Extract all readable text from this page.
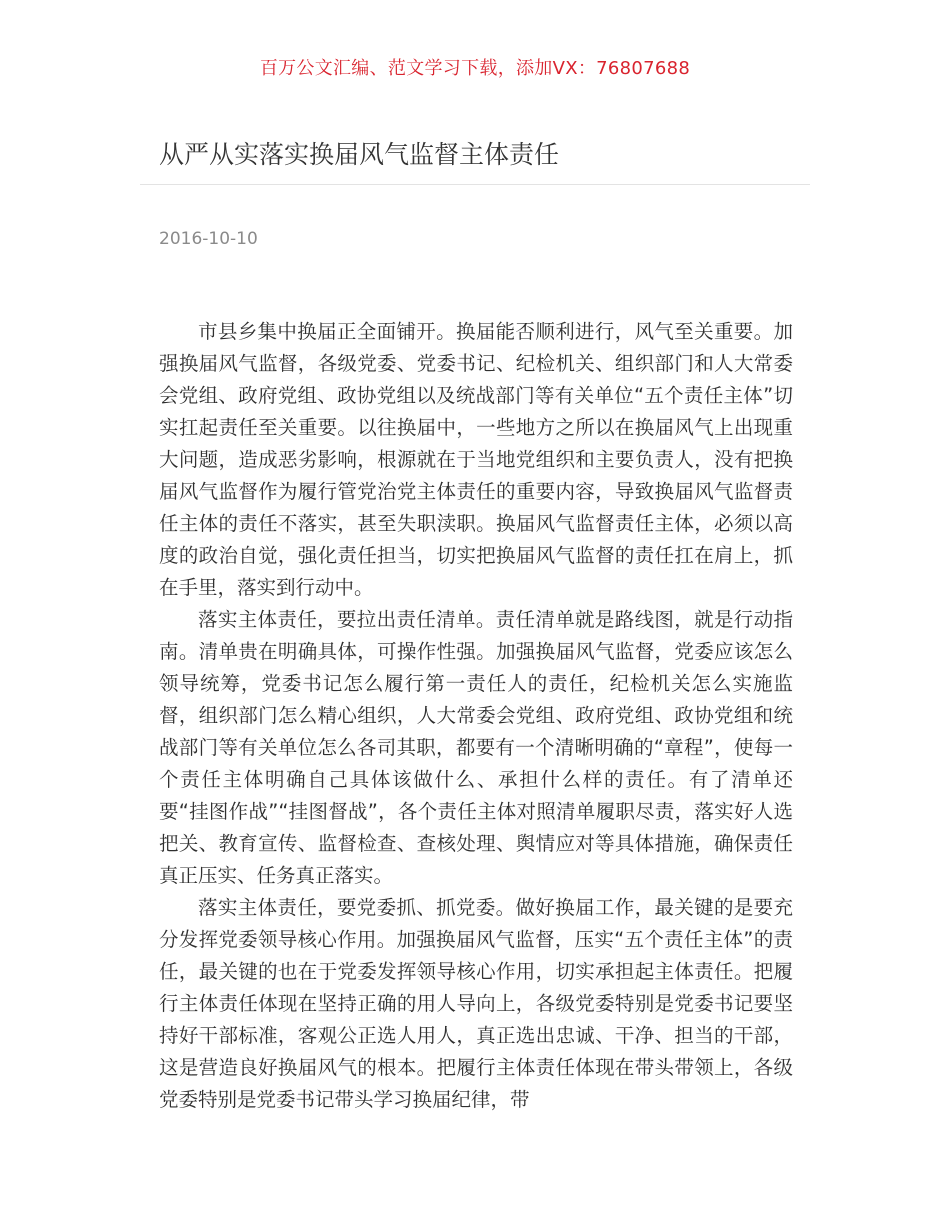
百万公文汇编、范文学习下载，添加VX：76807688
从严从实落实换届风气监督主体责任
2016-10-10

市县乡集中换届正全面铺开。换届能否顺利进行，风气至关重要。加强换届风气监督，各级党委、党委书记、纪检机关、组织部门和人大常委会党组、政府党组、政协党组以及统战部门等有关单位“五个责任主体”切实扛起责任至关重要。以往换届中，一些地方之所以在换届风气上出现重大问题，造成恶劣影响，根源就在于当地党组织和主要负责人，没有把换届风气监督作为履行管党治党主体责任的重要内容，导致换届风气监督责任主体的责任不落实，甚至失职渎职。换届风气监督责任主体，必须以高度的政治自觉，强化责任担当，切实把换届风气监督的责任扛在肩上，抓在手里，落实到行动中。

落实主体责任，要拉出责任清单。责任清单就是路线图，就是行动指南。清单贵在明确具体，可操作性强。加强换届风气监督，党委应该怎么领导统筹，党委书记怎么履行第一责任人的责任，纪检机关怎么实施监督，组织部门怎么精心组织，人大常委会党组、政府党组、政协党组和统战部门等有关单位怎么各司其职，都要有一个清晰明确的“章程”，使每一个责任主体明确自己具体该做什么、承担什么样的责任。有了清单还要“挂图作战”“挂图督战”，各个责任主体对照清单履职尽责，落实好人选把关、教育宣传、监督检查、查核处理、舆情应对等具体措施，确保责任真正压实、任务真正落实。

落实主体责任，要党委抓、抓党委。做好换届工作，最关键的是要充分发挥党委领导核心作用。加强换届风气监督，压实“五个责任主体”的责任，最关键的也在于党委发挥领导核心作用，切实承担起主体责任。把履行主体责任体现在坚持正确的用人导向上，各级党委特别是党委书记要坚持好干部标准，客观公正选人用人，真正选出忠诚、干净、担当的干部，这是营造良好换届风气的根本。把履行主体责任体现在带头带领上，各级党委特别是党委书记带头学习换届纪律，带
